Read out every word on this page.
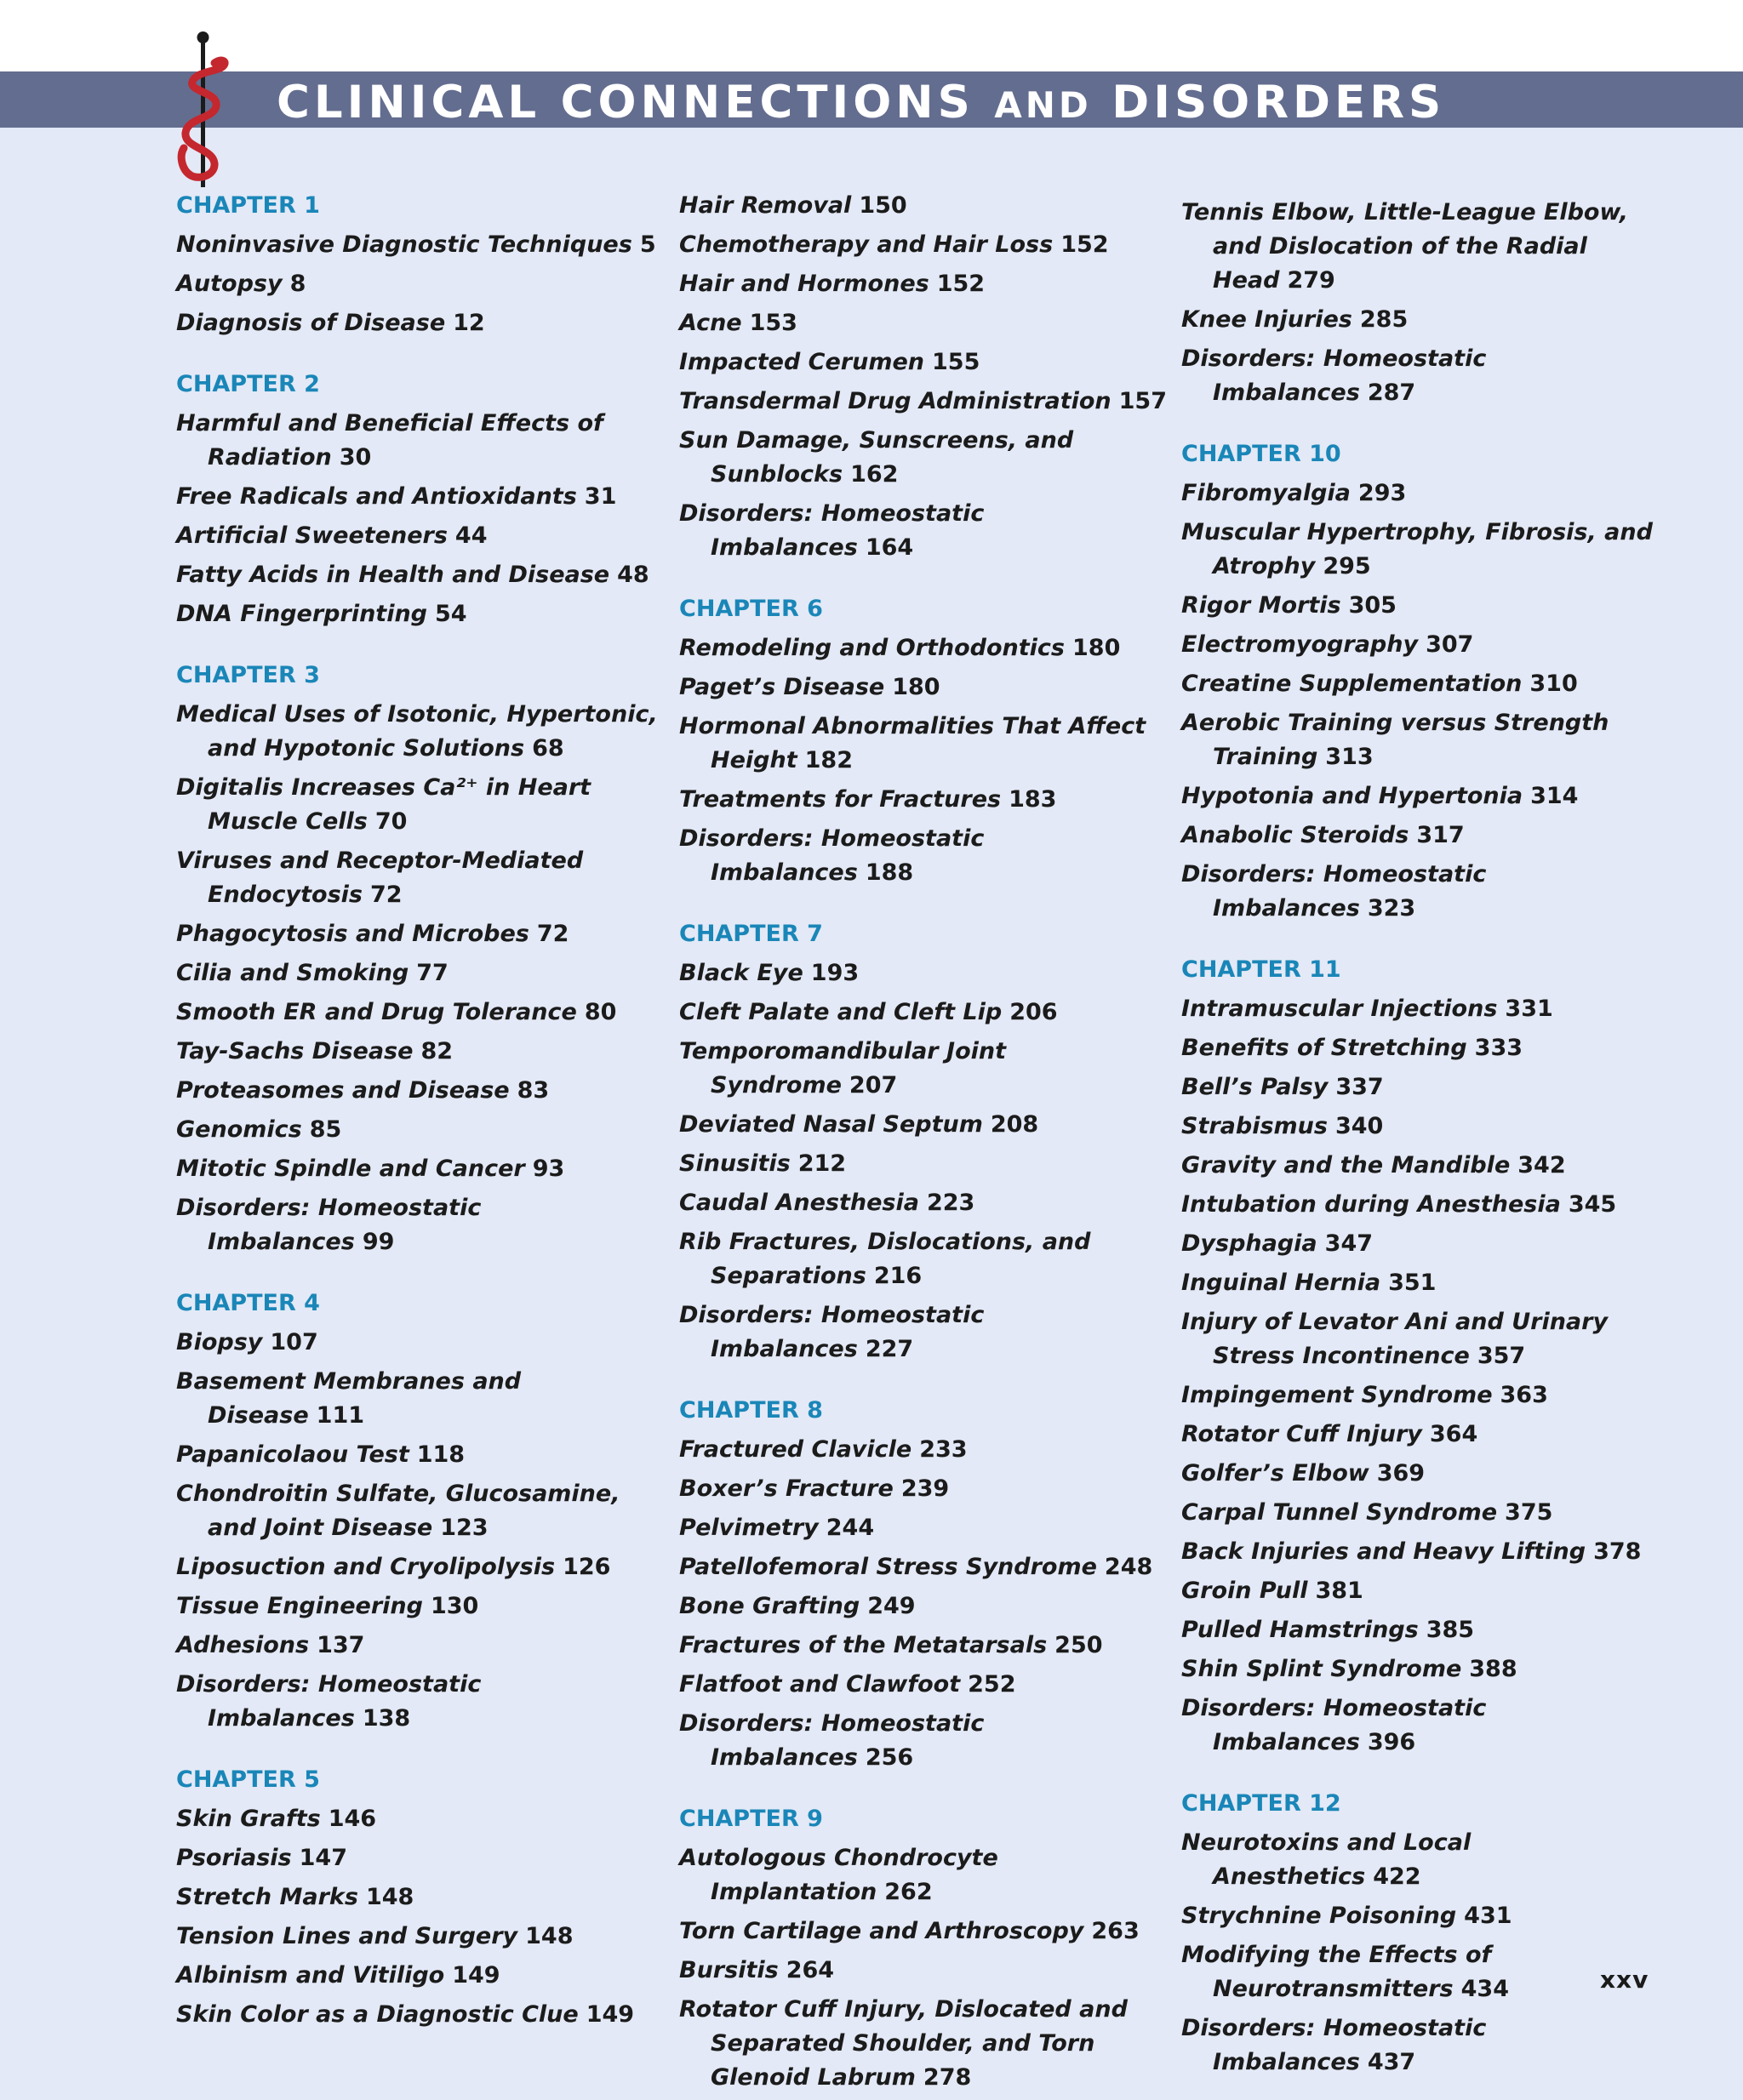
CLINICAL CONNECTIONS AND DISORDERS
CHAPTER 1
Noninvasive Diagnostic Techniques 5
Autopsy 8
Diagnosis of Disease 12
CHAPTER 2
Harmful and Beneficial Effects of Radiation 30
Free Radicals and Antioxidants 31
Artificial Sweeteners 44
Fatty Acids in Health and Disease 48
DNA Fingerprinting 54
CHAPTER 3
Medical Uses of Isotonic, Hypertonic, and Hypotonic Solutions 68
Digitalis Increases Ca²⁺ in Heart Muscle Cells 70
Viruses and Receptor-Mediated Endocytosis 72
Phagocytosis and Microbes 72
Cilia and Smoking 77
Smooth ER and Drug Tolerance 80
Tay-Sachs Disease 82
Proteasomes and Disease 83
Genomics 85
Mitotic Spindle and Cancer 93
Disorders: Homeostatic Imbalances 99
CHAPTER 4
Biopsy 107
Basement Membranes and Disease 111
Papanicolaou Test 118
Chondroitin Sulfate, Glucosamine, and Joint Disease 123
Liposuction and Cryolipolysis 126
Tissue Engineering 130
Adhesions 137
Disorders: Homeostatic Imbalances 138
CHAPTER 5
Skin Grafts 146
Psoriasis 147
Stretch Marks 148
Tension Lines and Surgery 148
Albinism and Vitiligo 149
Skin Color as a Diagnostic Clue 149
Hair Removal 150
Chemotherapy and Hair Loss 152
Hair and Hormones 152
Acne 153
Impacted Cerumen 155
Transdermal Drug Administration 157
Sun Damage, Sunscreens, and Sunblocks 162
Disorders: Homeostatic Imbalances 164
CHAPTER 6
Remodeling and Orthodontics 180
Paget’s Disease 180
Hormonal Abnormalities That Affect Height 182
Treatments for Fractures 183
Disorders: Homeostatic Imbalances 188
CHAPTER 7
Black Eye 193
Cleft Palate and Cleft Lip 206
Temporomandibular Joint Syndrome 207
Deviated Nasal Septum 208
Sinusitis 212
Caudal Anesthesia 223
Rib Fractures, Dislocations, and Separations 216
Disorders: Homeostatic Imbalances 227
CHAPTER 8
Fractured Clavicle 233
Boxer’s Fracture 239
Pelvimetry 244
Patellofemoral Stress Syndrome 248
Bone Grafting 249
Fractures of the Metatarsals 250
Flatfoot and Clawfoot 252
Disorders: Homeostatic Imbalances 256
CHAPTER 9
Autologous Chondrocyte Implantation 262
Torn Cartilage and Arthroscopy 263
Bursitis 264
Rotator Cuff Injury, Dislocated and Separated Shoulder, and Torn Glenoid Labrum 278
Tennis Elbow, Little-League Elbow, and Dislocation of the Radial Head 279
Knee Injuries 285
Disorders: Homeostatic Imbalances 287
CHAPTER 10
Fibromyalgia 293
Muscular Hypertrophy, Fibrosis, and Atrophy 295
Rigor Mortis 305
Electromyography 307
Creatine Supplementation 310
Aerobic Training versus Strength Training 313
Hypotonia and Hypertonia 314
Anabolic Steroids 317
Disorders: Homeostatic Imbalances 323
CHAPTER 11
Intramuscular Injections 331
Benefits of Stretching 333
Bell’s Palsy 337
Strabismus 340
Gravity and the Mandible 342
Intubation during Anesthesia 345
Dysphagia 347
Inguinal Hernia 351
Injury of Levator Ani and Urinary Stress Incontinence 357
Impingement Syndrome 363
Rotator Cuff Injury 364
Golfer’s Elbow 369
Carpal Tunnel Syndrome 375
Back Injuries and Heavy Lifting 378
Groin Pull 381
Pulled Hamstrings 385
Shin Splint Syndrome 388
Disorders: Homeostatic Imbalances 396
CHAPTER 12
Neurotoxins and Local Anesthetics 422
Strychnine Poisoning 431
Modifying the Effects of Neurotransmitters 434
Disorders: Homeostatic Imbalances 437
xxv
